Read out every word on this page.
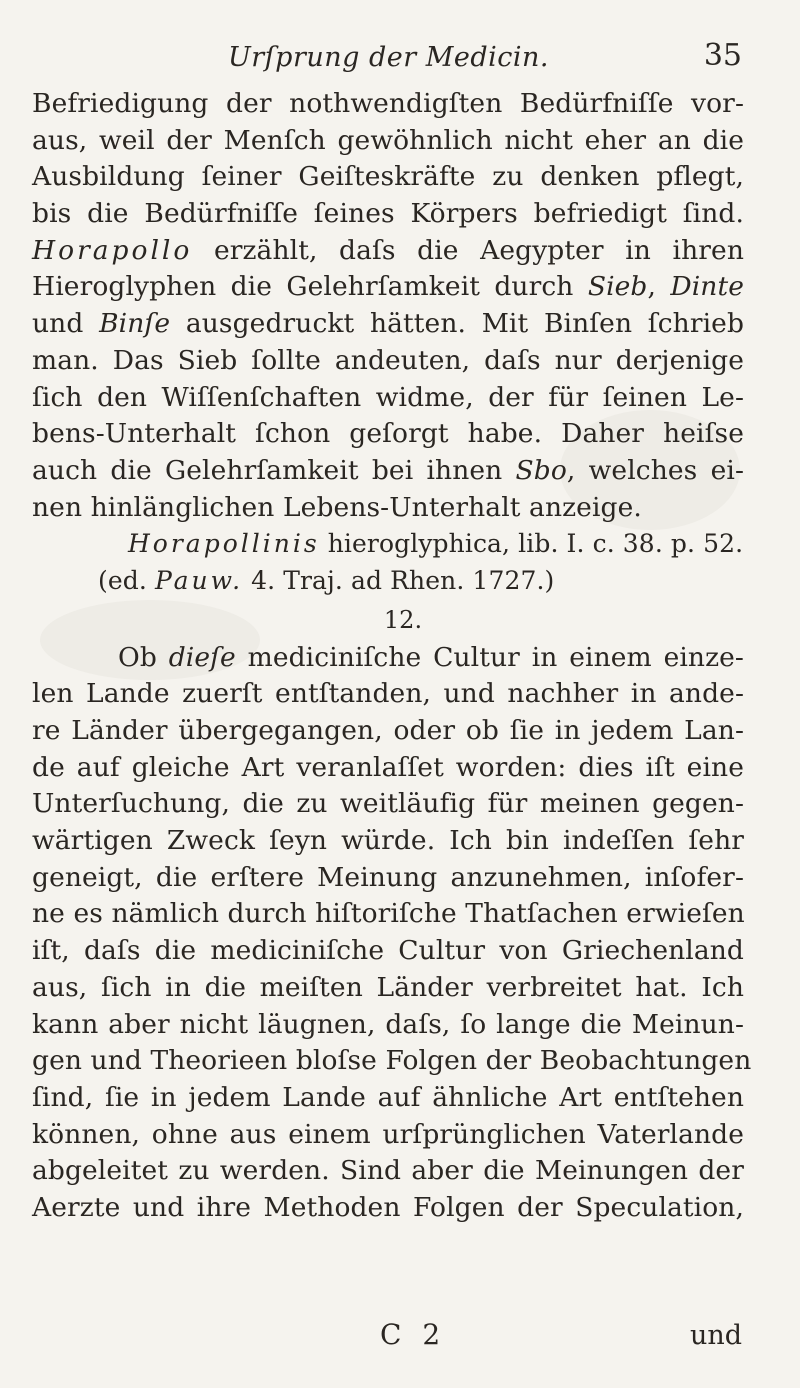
Urſprung der Medicin.	35
Befriedigung der nothwendigſten Bedürfniſſe vor-
aus, weil der Menſch gewöhnlich nicht eher an die
Ausbildung ſeiner Geiſteskräfte zu denken pflegt,
bis die Bedürfniſſe ſeines Körpers befriedigt ſind.
Horapollo erzählt, daſs die Aegypter in ihren
Hieroglyphen die Gelehrſamkeit durch Sieb, Dinte
und Binſe ausgedruckt hätten. Mit Binſen ſchrieb
man. Das Sieb ſollte andeuten, daſs nur derjenige
ſich den Wiſſenſchaften widme, der für ſeinen Le-
bens-Unterhalt ſchon geſorgt habe. Daher heiſse
auch die Gelehrſamkeit bei ihnen Sbo, welches ei-
nen hinlänglichen Lebens-Unterhalt anzeige.
Horapollinis hieroglyphica, lib. I. c. 38. p. 52.
(ed. Pauw. 4. Traj. ad Rhen. 1727.)
12.
Ob dieſe mediciniſche Cultur in einem einze-
len Lande zuerſt entſtanden, und nachher in ande-
re Länder übergegangen, oder ob ſie in jedem Lan-
de auf gleiche Art veranlaſſet worden: dies iſt eine
Unterſuchung, die zu weitläufig für meinen gegen-
wärtigen Zweck ſeyn würde. Ich bin indeſſen ſehr
geneigt, die erſtere Meinung anzunehmen, inſofer-
ne es nämlich durch hiſtoriſche Thatſachen erwieſen
iſt, daſs die mediciniſche Cultur von Griechenland
aus, ſich in die meiſten Länder verbreitet hat. Ich
kann aber nicht läugnen, daſs, ſo lange die Meinun-
gen und Theorieen bloſse Folgen der Beobachtungen
ſind, ſie in jedem Lande auf ähnliche Art entſtehen
können, ohne aus einem urſprünglichen Vaterlande
abgeleitet zu werden. Sind aber die Meinungen der
Aerzte und ihre Methoden Folgen der Speculation,
C 2	und
